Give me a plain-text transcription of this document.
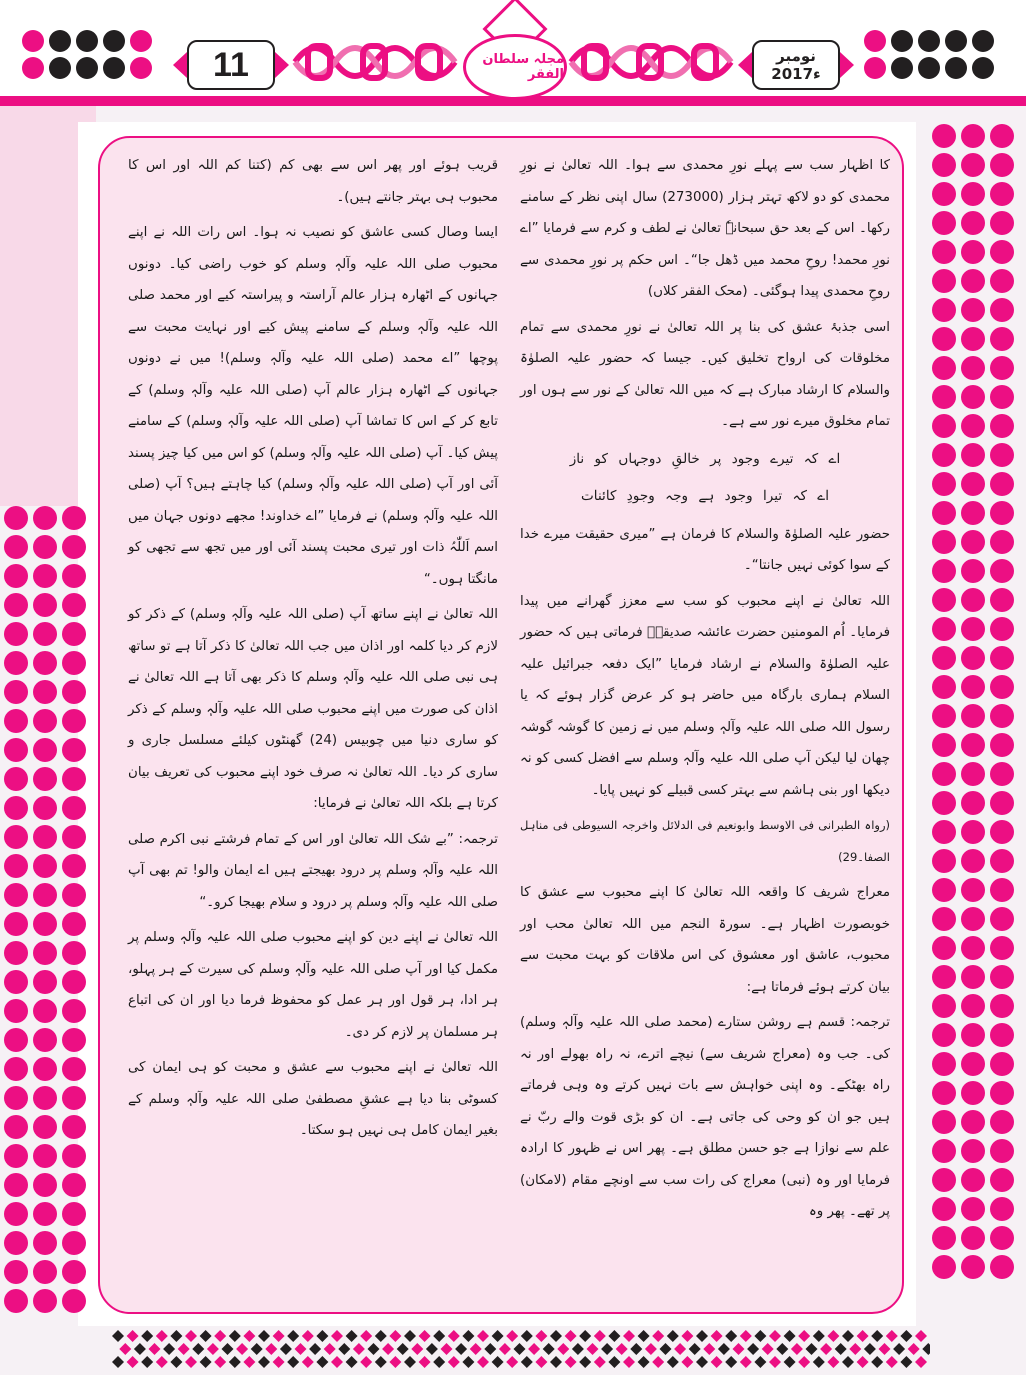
11	نومبر
2017ء
مجلہ سلطان الفقر

کا اظہار سب سے پہلے نورِ محمدی سے ہوا۔ اللہ تعالیٰ نے نورِ محمدی کو دو لاکھ تہتر ہزار (273000) سال اپنی نظر کے سامنے رکھا۔ اس کے بعد حق سبحانہٗ تعالیٰ نے لطف و کرم سے فرمایا ”اے نورِ محمد! روحِ محمد میں ڈھل جا“۔ اس حکم پر نورِ محمدی سے روحِ محمدی پیدا ہوگئی۔ (محک الفقر کلاں)

اسی جذبۂ عشق کی بنا پر اللہ تعالیٰ نے نورِ محمدی سے تمام مخلوقات کی ارواح تخلیق کیں۔ جیسا کہ حضور علیہ الصلوٰۃ والسلام کا ارشاد مبارک ہے کہ میں اللہ تعالیٰ کے نور سے ہوں اور تمام مخلوق میرے نور سے ہے۔

اے کہ تیرے وجود پر خالقِ دوجہاں کو ناز

اے کہ تیرا وجود ہے وجہ وجودِ کائنات

حضور علیہ الصلوٰۃ والسلام کا فرمان ہے ”میری حقیقت میرے خدا کے سوا کوئی نہیں جانتا“۔

اللہ تعالیٰ نے اپنے محبوب کو سب سے معزز گھرانے میں پیدا فرمایا۔ اُم المومنین حضرت عائشہ صدیقہؓ فرماتی ہیں کہ حضور علیہ الصلوٰۃ والسلام نے ارشاد فرمایا ”ایک دفعہ جبرائیل علیہ السلام ہماری بارگاہ میں حاضر ہو کر عرض گزار ہوئے کہ یا رسول اللہ صلی اللہ علیہ وآلہٖ وسلم میں نے زمین کا گوشہ گوشہ چھان لیا لیکن آپ صلی اللہ علیہ وآلہٖ وسلم سے افضل کسی کو نہ دیکھا اور بنی ہاشم سے بہتر کسی قبیلے کو نہیں پایا۔

(رواہ الطبرانی فی الاوسط وابونعیم فی الدلائل واخرجہ السیوطی فی مناہل الصفا۔29)

معراج شریف کا واقعہ اللہ تعالیٰ کا اپنے محبوب سے عشق کا خوبصورت اظہار ہے۔ سورۃ النجم میں اللہ تعالیٰ محب اور محبوب، عاشق اور معشوق کی اس ملاقات کو بہت محبت سے بیان کرتے ہوئے فرماتا ہے:

ترجمہ: قسم ہے روشن ستارے (محمد صلی اللہ علیہ وآلہٖ وسلم) کی۔ جب وہ (معراج شریف سے) نیچے اترے، نہ راہ بھولے اور نہ راہ بھٹکے۔ وہ اپنی خواہش سے بات نہیں کرتے وہ وہی فرماتے ہیں جو ان کو وحی کی جاتی ہے۔ ان کو بڑی قوت والے ربّ نے علم سے نوازا ہے جو حسن مطلق ہے۔ پھر اس نے ظہور کا ارادہ فرمایا اور وہ (نبی) معراج کی رات سب سے اونچے مقام (لامکان) پر تھے۔ پھر وہ

قریب ہوئے اور پھر اس سے بھی کم (کتنا کم اللہ اور اس کا محبوب ہی بہتر جانتے ہیں)۔

ایسا وصال کسی عاشق کو نصیب نہ ہوا۔ اس رات اللہ نے اپنے محبوب صلی اللہ علیہ وآلہٖ وسلم کو خوب راضی کیا۔ دونوں جہانوں کے اٹھارہ ہزار عالم آراستہ و پیراستہ کیے اور محمد صلی اللہ علیہ وآلہٖ وسلم کے سامنے پیش کیے اور نہایت محبت سے پوچھا ”اے محمد (صلی اللہ علیہ وآلہٖ وسلم)! میں نے دونوں جہانوں کے اٹھارہ ہزار عالم آپ (صلی اللہ علیہ وآلہٖ وسلم) کے تابع کر کے اس کا تماشا آپ (صلی اللہ علیہ وآلہٖ وسلم) کے سامنے پیش کیا۔ آپ (صلی اللہ علیہ وآلہٖ وسلم) کو اس میں کیا چیز پسند آئی اور آپ (صلی اللہ علیہ وآلہٖ وسلم) کیا چاہتے ہیں؟ آپ (صلی اللہ علیہ وآلہٖ وسلم) نے فرمایا ”اے خداوند! مجھے دونوں جہان میں اسم اَللّٰہُ ذات اور تیری محبت پسند آئی اور میں تجھ سے تجھی کو مانگتا ہوں۔“

اللہ تعالیٰ نے اپنے ساتھ آپ (صلی اللہ علیہ وآلہٖ وسلم) کے ذکر کو لازم کر دیا کلمہ اور اذان میں جب اللہ تعالیٰ کا ذکر آتا ہے تو ساتھ ہی نبی صلی اللہ علیہ وآلہٖ وسلم کا ذکر بھی آتا ہے اللہ تعالیٰ نے اذان کی صورت میں اپنے محبوب صلی اللہ علیہ وآلہٖ وسلم کے ذکر کو ساری دنیا میں چوبیس (24) گھنٹوں کیلئے مسلسل جاری و ساری کر دیا۔ اللہ تعالیٰ نہ صرف خود اپنے محبوب کی تعریف بیان کرتا ہے بلکہ اللہ تعالیٰ نے فرمایا:

ترجمہ: ”بے شک اللہ تعالیٰ اور اس کے تمام فرشتے نبی اکرم صلی اللہ علیہ وآلہٖ وسلم پر درود بھیجتے ہیں اے ایمان والو! تم بھی آپ صلی اللہ علیہ وآلہٖ وسلم پر درود و سلام بھیجا کرو۔“

اللہ تعالیٰ نے اپنے دین کو اپنے محبوب صلی اللہ علیہ وآلہٖ وسلم پر مکمل کیا اور آپ صلی اللہ علیہ وآلہٖ وسلم کی سیرت کے ہر پہلو، ہر ادا، ہر قول اور ہر عمل کو محفوظ فرما دیا اور ان کی اتباع ہر مسلمان پر لازم کر دی۔

اللہ تعالیٰ نے اپنے محبوب سے عشق و محبت کو ہی ایمان کی کسوٹی بنا دیا ہے عشقِ مصطفیٰ صلی اللہ علیہ وآلہٖ وسلم کے بغیر ایمان کامل ہی نہیں ہو سکتا۔
